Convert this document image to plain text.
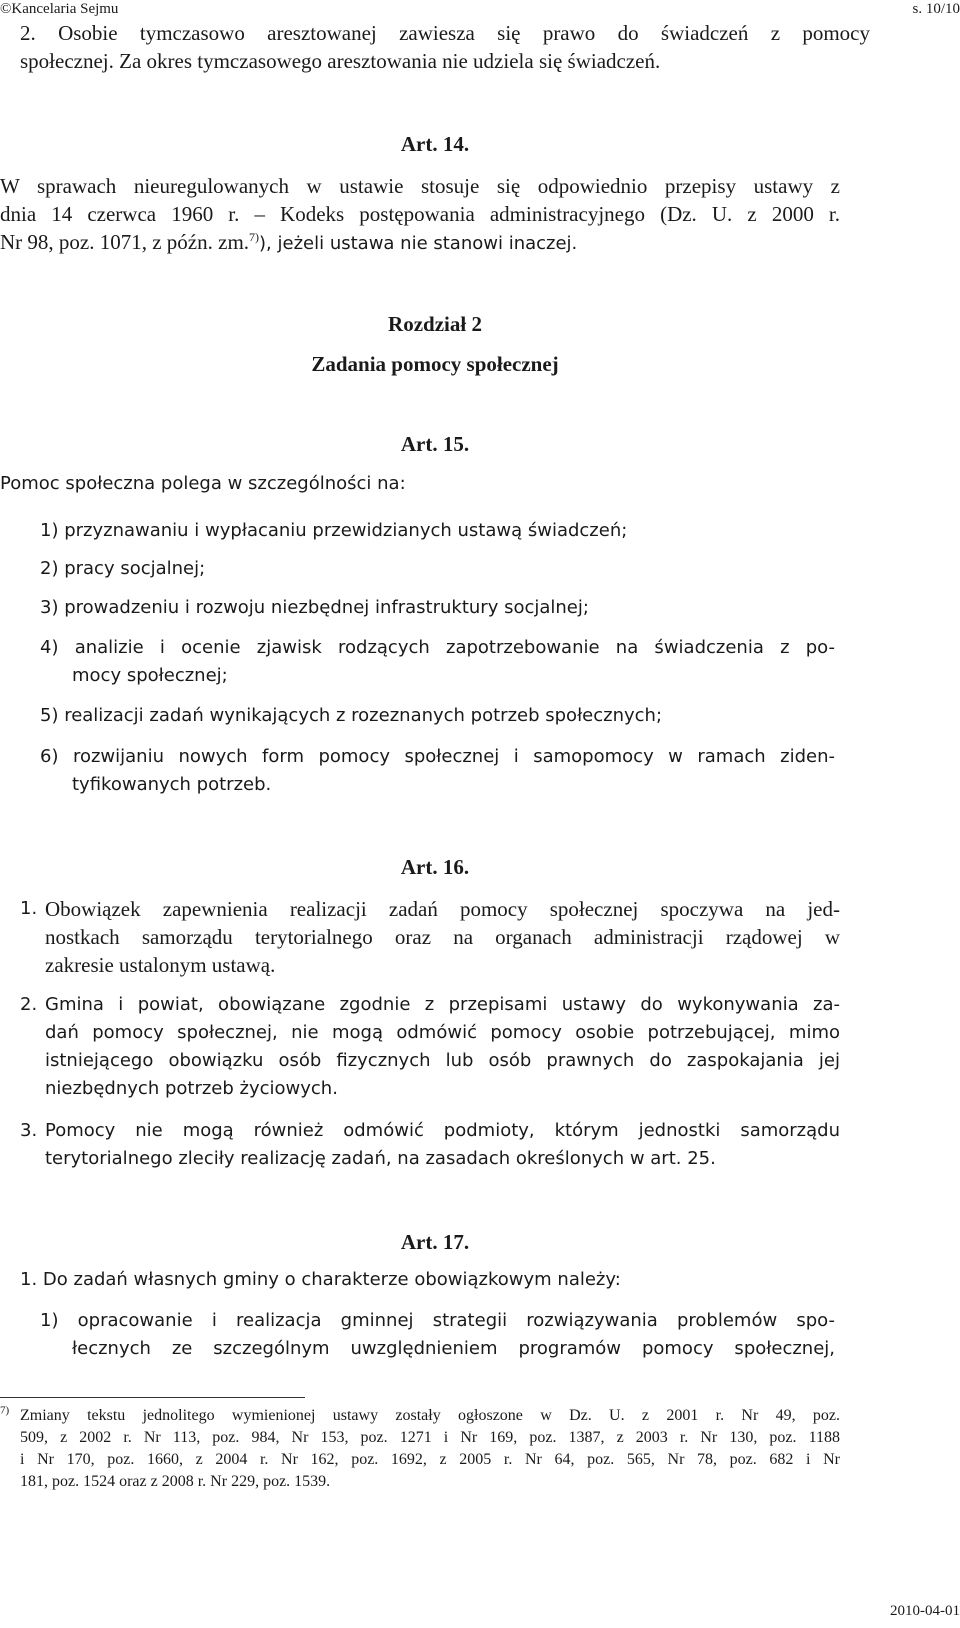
©Kancelaria Sejmu	s. 10/10
2. Osobie tymczasowo aresztowanej zawiesza się prawo do świadczeń z pomocy
społecznej. Za okres tymczasowego aresztowania nie udziela się świadczeń.
Art. 14.
W sprawach nieuregulowanych w ustawie stosuje się odpowiednio przepisy ustawy z
dnia 14 czerwca 1960 r. – Kodeks postępowania administracyjnego (Dz. U. z 2000 r.
Nr 98, poz. 1071, z późn. zm.$^{7)}$), jeżeli ustawa nie stanowi inaczej.
Rozdział 2
Zadania pomocy społecznej
Art. 15.
Pomoc społeczna polega w szczególności na:
1) przyznawaniu i wypłacaniu przewidzianych ustawą świadczeń;
2) pracy socjalnej;
3) prowadzeniu i rozwoju niezbędnej infrastruktury socjalnej;
4) analizie i ocenie zjawisk rodzących zapotrzebowanie na świadczenia z po-
mocy społecznej;
5) realizacji zadań wynikających z rozeznanych potrzeb społecznych;
6) rozwijaniu nowych form pomocy społecznej i samopomocy w ramach ziden-
tyfikowanych potrzeb.
Art. 16.
1. Obowiązek zapewnienia realizacji zadań pomocy społecznej spoczywa na jed-
nostkach samorządu terytorialnego oraz na organach administracji rządowej w
zakresie ustalonym ustawą.
2. Gmina i powiat, obowiązane zgodnie z przepisami ustawy do wykonywania za-
dań pomocy społecznej, nie mogą odmówić pomocy osobie potrzebującej, mimo
istniejącego obowiązku osób fizycznych lub osób prawnych do zaspokajania jej
niezbędnych potrzeb życiowych.
3. Pomocy nie mogą również odmówić podmioty, którym jednostki samorządu
terytorialnego zleciły realizację zadań, na zasadach określonych w art. 25.
Art. 17.
1. Do zadań własnych gminy o charakterze obowiązkowym należy:
1) opracowanie i realizacja gminnej strategii rozwiązywania problemów spo-
łecznych ze szczególnym uwzględnieniem programów pomocy społecznej,
$^{7)}$ Zmiany tekstu jednolitego wymienionej ustawy zostały ogłoszone w Dz. U. z 2001 r. Nr 49, poz.
509, z 2002 r. Nr 113, poz. 984, Nr 153, poz. 1271 i Nr 169, poz. 1387, z 2003 r. Nr 130, poz. 1188
i Nr 170, poz. 1660, z 2004 r. Nr 162, poz. 1692, z 2005 r. Nr 64, poz. 565, Nr 78, poz. 682 i Nr
181, poz. 1524 oraz z 2008 r. Nr 229, poz. 1539.
2010-04-01
